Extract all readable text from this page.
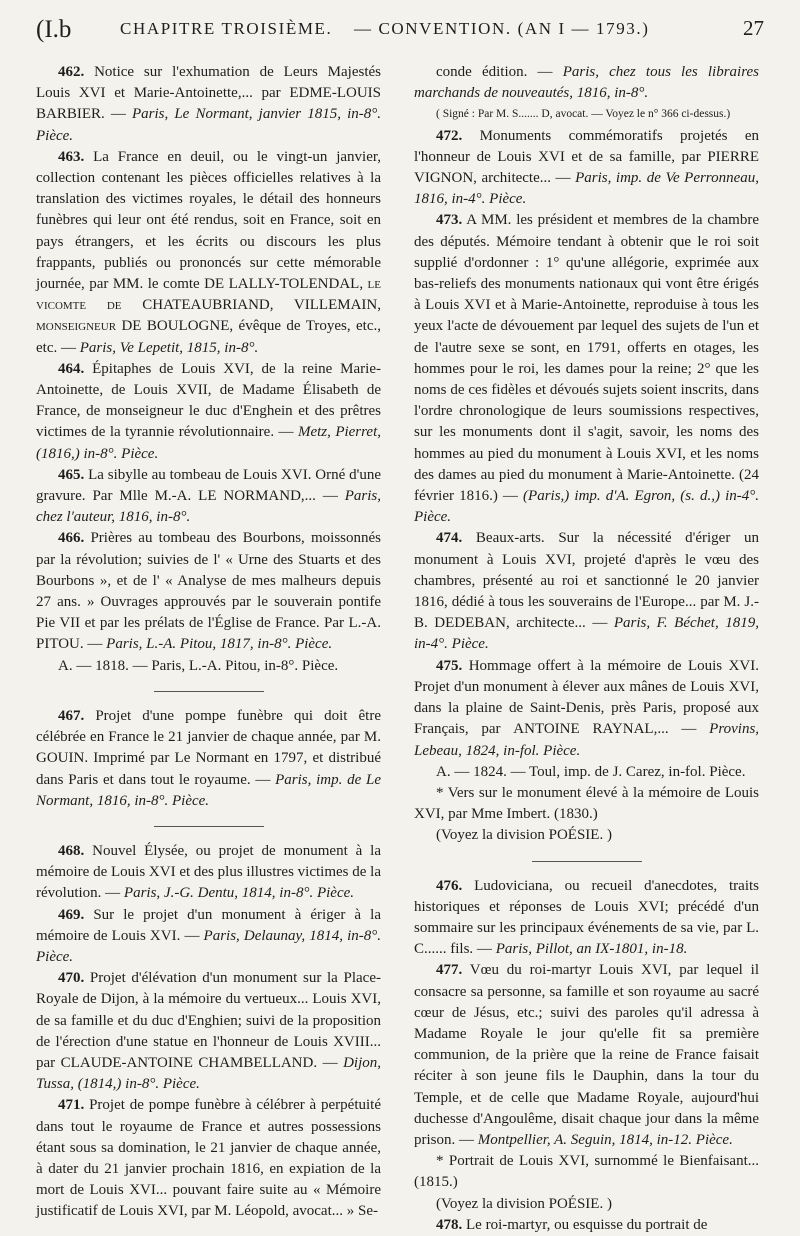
(I.b	CHAPITRE TROISIÈME. — CONVENTION. (AN I — 1793.)	27

462. Notice sur l'exhumation de Leurs Majestés Louis XVI et Marie-Antoinette,... par EDME-LOUIS BARBIER. — Paris, Le Normant, janvier 1815, in-8°. Pièce.

463. La France en deuil, ou le vingt-un janvier, collection contenant les pièces officielles relatives à la translation des victimes royales, le détail des honneurs funèbres qui leur ont été rendus, soit en France, soit en pays étrangers, et les écrits ou discours les plus frappants, publiés ou prononcés sur cette mémorable journée, par MM. le comte DE LALLY-TOLENDAL, le vicomte de CHATEAUBRIAND, VILLEMAIN, monseigneur DE BOULOGNE, évêque de Troyes, etc., etc. — Paris, Ve Lepetit, 1815, in-8°.

464. Épitaphes de Louis XVI, de la reine Marie-Antoinette, de Louis XVII, de Madame Élisabeth de France, de monseigneur le duc d'Enghein et des prêtres victimes de la tyrannie révolutionnaire. — Metz, Pierret, (1816,) in-8°. Pièce.

465. La sibylle au tombeau de Louis XVI. Orné d'une gravure. Par Mlle M.-A. LE NORMAND,... — Paris, chez l'auteur, 1816, in-8°.

466. Prières au tombeau des Bourbons, moissonnés par la révolution; suivies de l' « Urne des Stuarts et des Bourbons », et de l' « Analyse de mes malheurs depuis 27 ans. » Ouvrages approuvés par le souverain pontife Pie VII et par les prélats de l'Église de France. Par L.-A. PITOU. — Paris, L.-A. Pitou, 1817, in-8°. Pièce.

A. — 1818. — Paris, L.-A. Pitou, in-8°. Pièce.

467. Projet d'une pompe funèbre qui doit être célébrée en France le 21 janvier de chaque année, par M. GOUIN. Imprimé par Le Normant en 1797, et distribué dans Paris et dans tout le royaume. — Paris, imp. de Le Normant, 1816, in-8°. Pièce.

468. Nouvel Élysée, ou projet de monument à la mémoire de Louis XVI et des plus illustres victimes de la révolution. — Paris, J.-G. Dentu, 1814, in-8°. Pièce.

469. Sur le projet d'un monument à ériger à la mémoire de Louis XVI. — Paris, Delaunay, 1814, in-8°. Pièce.

470. Projet d'élévation d'un monument sur la Place-Royale de Dijon, à la mémoire du vertueux... Louis XVI, de sa famille et du duc d'Enghien; suivi de la proposition de l'érection d'une statue en l'honneur de Louis XVIII... par CLAUDE-ANTOINE CHAMBELLAND. — Dijon, Tussa, (1814,) in-8°. Pièce.

471. Projet de pompe funèbre à célébrer à perpétuité dans tout le royaume de France et autres possessions étant sous sa domination, le 21 janvier de chaque année, à dater du 21 janvier prochain 1816, en expiation de la mort de Louis XVI... pouvant faire suite au « Mémoire justificatif de Louis XVI, par M. Léopold, avocat... » Se-

conde édition. — Paris, chez tous les libraires marchands de nouveautés, 1816, in-8°.

( Signé : Par M. S....... D, avocat. — Voyez le n° 366 ci-dessus.)

472. Monuments commémoratifs projetés en l'honneur de Louis XVI et de sa famille, par PIERRE VIGNON, architecte... — Paris, imp. de Ve Perronneau, 1816, in-4°. Pièce.

473. A MM. les président et membres de la chambre des députés. Mémoire tendant à obtenir que le roi soit supplié d'ordonner : 1° qu'une allégorie, exprimée aux bas-reliefs des monuments nationaux qui vont être érigés à Louis XVI et à Marie-Antoinette, reproduise à tous les yeux l'acte de dévouement par lequel des sujets de l'un et de l'autre sexe se sont, en 1791, offerts en otages, les hommes pour le roi, les dames pour la reine; 2° que les noms de ces fidèles et dévoués sujets soient inscrits, dans l'ordre chronologique de leurs soumissions respectives, sur les monuments dont il s'agit, savoir, les noms des hommes au pied du monument à Louis XVI, et les noms des dames au pied du monument à Marie-Antoinette. (24 février 1816.) — (Paris,) imp. d'A. Egron, (s. d.,) in-4°. Pièce.

474. Beaux-arts. Sur la nécessité d'ériger un monument à Louis XVI, projeté d'après le vœu des chambres, présenté au roi et sanctionné le 20 janvier 1816, dédié à tous les souverains de l'Europe... par M. J.-B. DEDEBAN, architecte... — Paris, F. Béchet, 1819, in-4°. Pièce.

475. Hommage offert à la mémoire de Louis XVI. Projet d'un monument à élever aux mânes de Louis XVI, dans la plaine de Saint-Denis, près Paris, proposé aux Français, par ANTOINE RAYNAL,... — Provins, Lebeau, 1824, in-fol. Pièce.

A. — 1824. — Toul, imp. de J. Carez, in-fol. Pièce.

* Vers sur le monument élevé à la mémoire de Louis XVI, par Mme Imbert. (1830.)

(Voyez la division POÉSIE. )

476. Ludoviciana, ou recueil d'anecdotes, traits historiques et réponses de Louis XVI; précédé d'un sommaire sur les principaux événements de sa vie, par L. C...... fils. — Paris, Pillot, an IX-1801, in-18.

477. Vœu du roi-martyr Louis XVI, par lequel il consacre sa personne, sa famille et son royaume au sacré cœur de Jésus, etc.; suivi des paroles qu'il adressa à Madame Royale le jour qu'elle fit sa première communion, de la prière que la reine de France faisait réciter à son jeune fils le Dauphin, dans la tour du Temple, et de celle que Madame Royale, aujourd'hui duchesse d'Angoulême, disait chaque jour dans la même prison. — Montpellier, A. Seguin, 1814, in-12. Pièce.

* Portrait de Louis XVI, surnommé le Bienfaisant... (1815.)

(Voyez la division POÉSIE. )

478. Le roi-martyr, ou esquisse du portrait de
